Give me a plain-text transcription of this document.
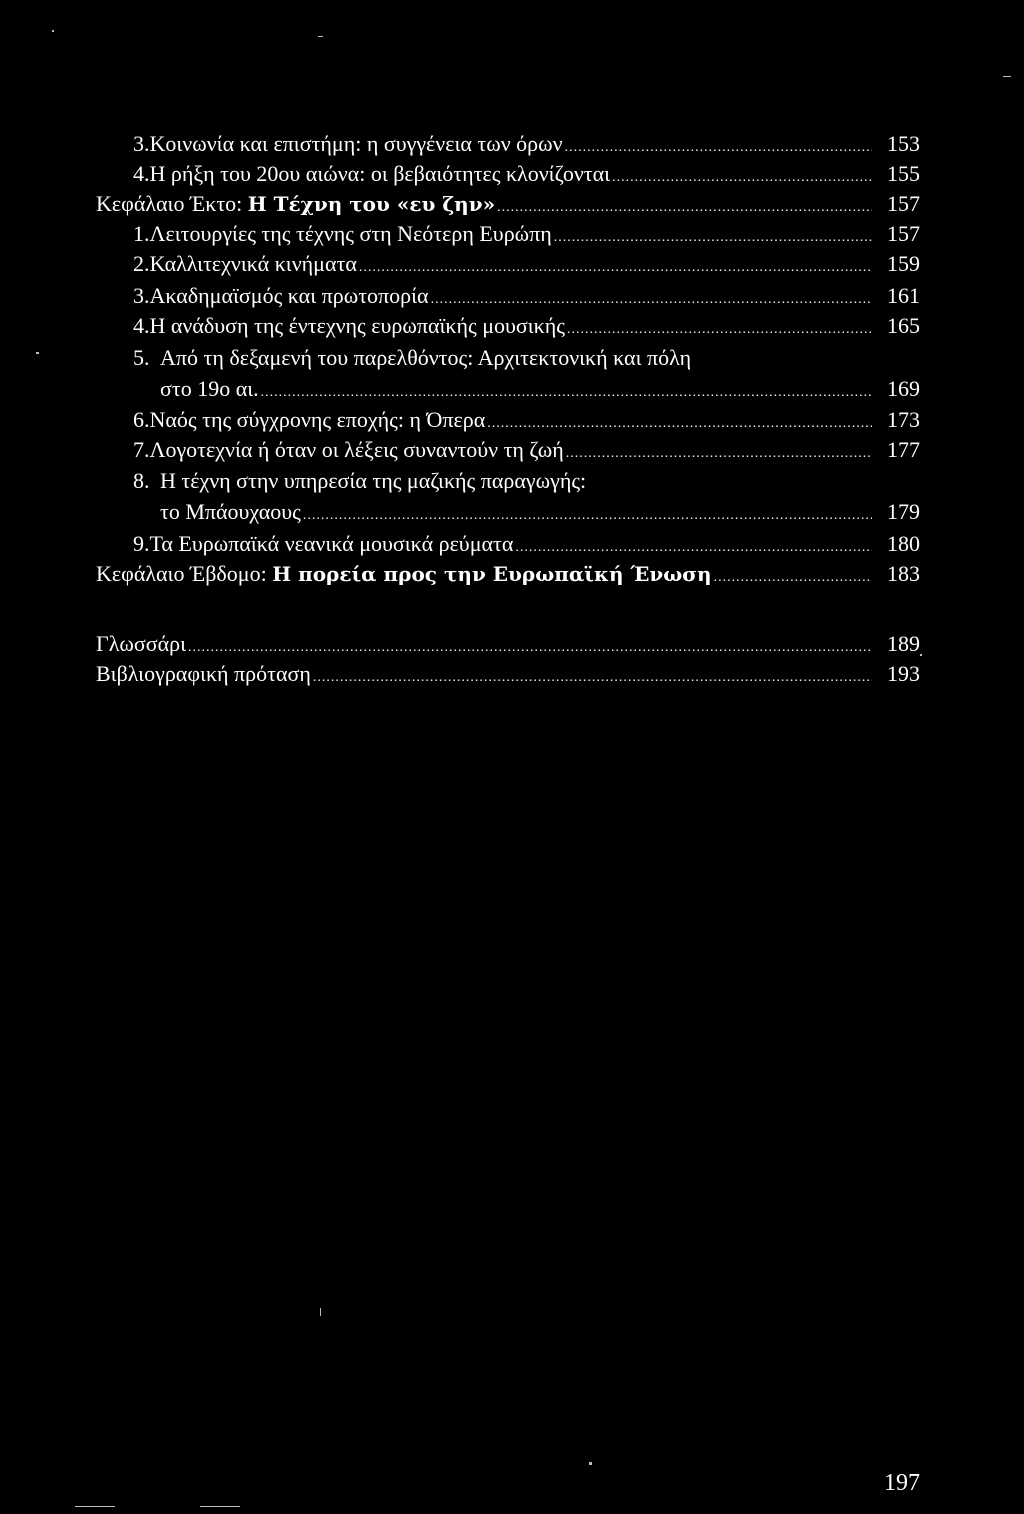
3. Κοινωνία και επιστήμη: η συγγένεια των όρων .....	153
4. Η ρήξη του 20ου αιώνα: οι βεβαιότητες κλονίζονται .....	155
Κεφάλαιο Έκτο: Η Τέχνη του «ευ ζην» .....	157
1. Λειτουργίες της τέχνης στη Νεότερη Ευρώπη .....	157
2. Καλλιτεχνικά κινήματα .....	159
3. Ακαδημαϊσμός και πρωτοπορία .....	161
4. Η ανάδυση της έντεχνης ευρωπαϊκής μουσικής .....	165
5. Από τη δεξαμενή του παρελθόντος: Αρχιτεκτονική και πόλη
στο 19ο αι. .....	169
6. Ναός της σύγχρονης εποχής: η Όπερα .....	173
7. Λογοτεχνία ή όταν οι λέξεις συναντούν τη ζωή .....	177
8. Η τέχνη στην υπηρεσία της μαζικής παραγωγής:
το Μπάουχαους .....	179
9. Τα Ευρωπαϊκά νεανικά μουσικά ρεύματα .....	180
Κεφάλαιο Έβδομο: Η πορεία προς την Ευρωπαϊκή Ένωση .....	183
Γλωσσάρι .....	189
Βιβλιογραφική πρόταση .....	193
197
